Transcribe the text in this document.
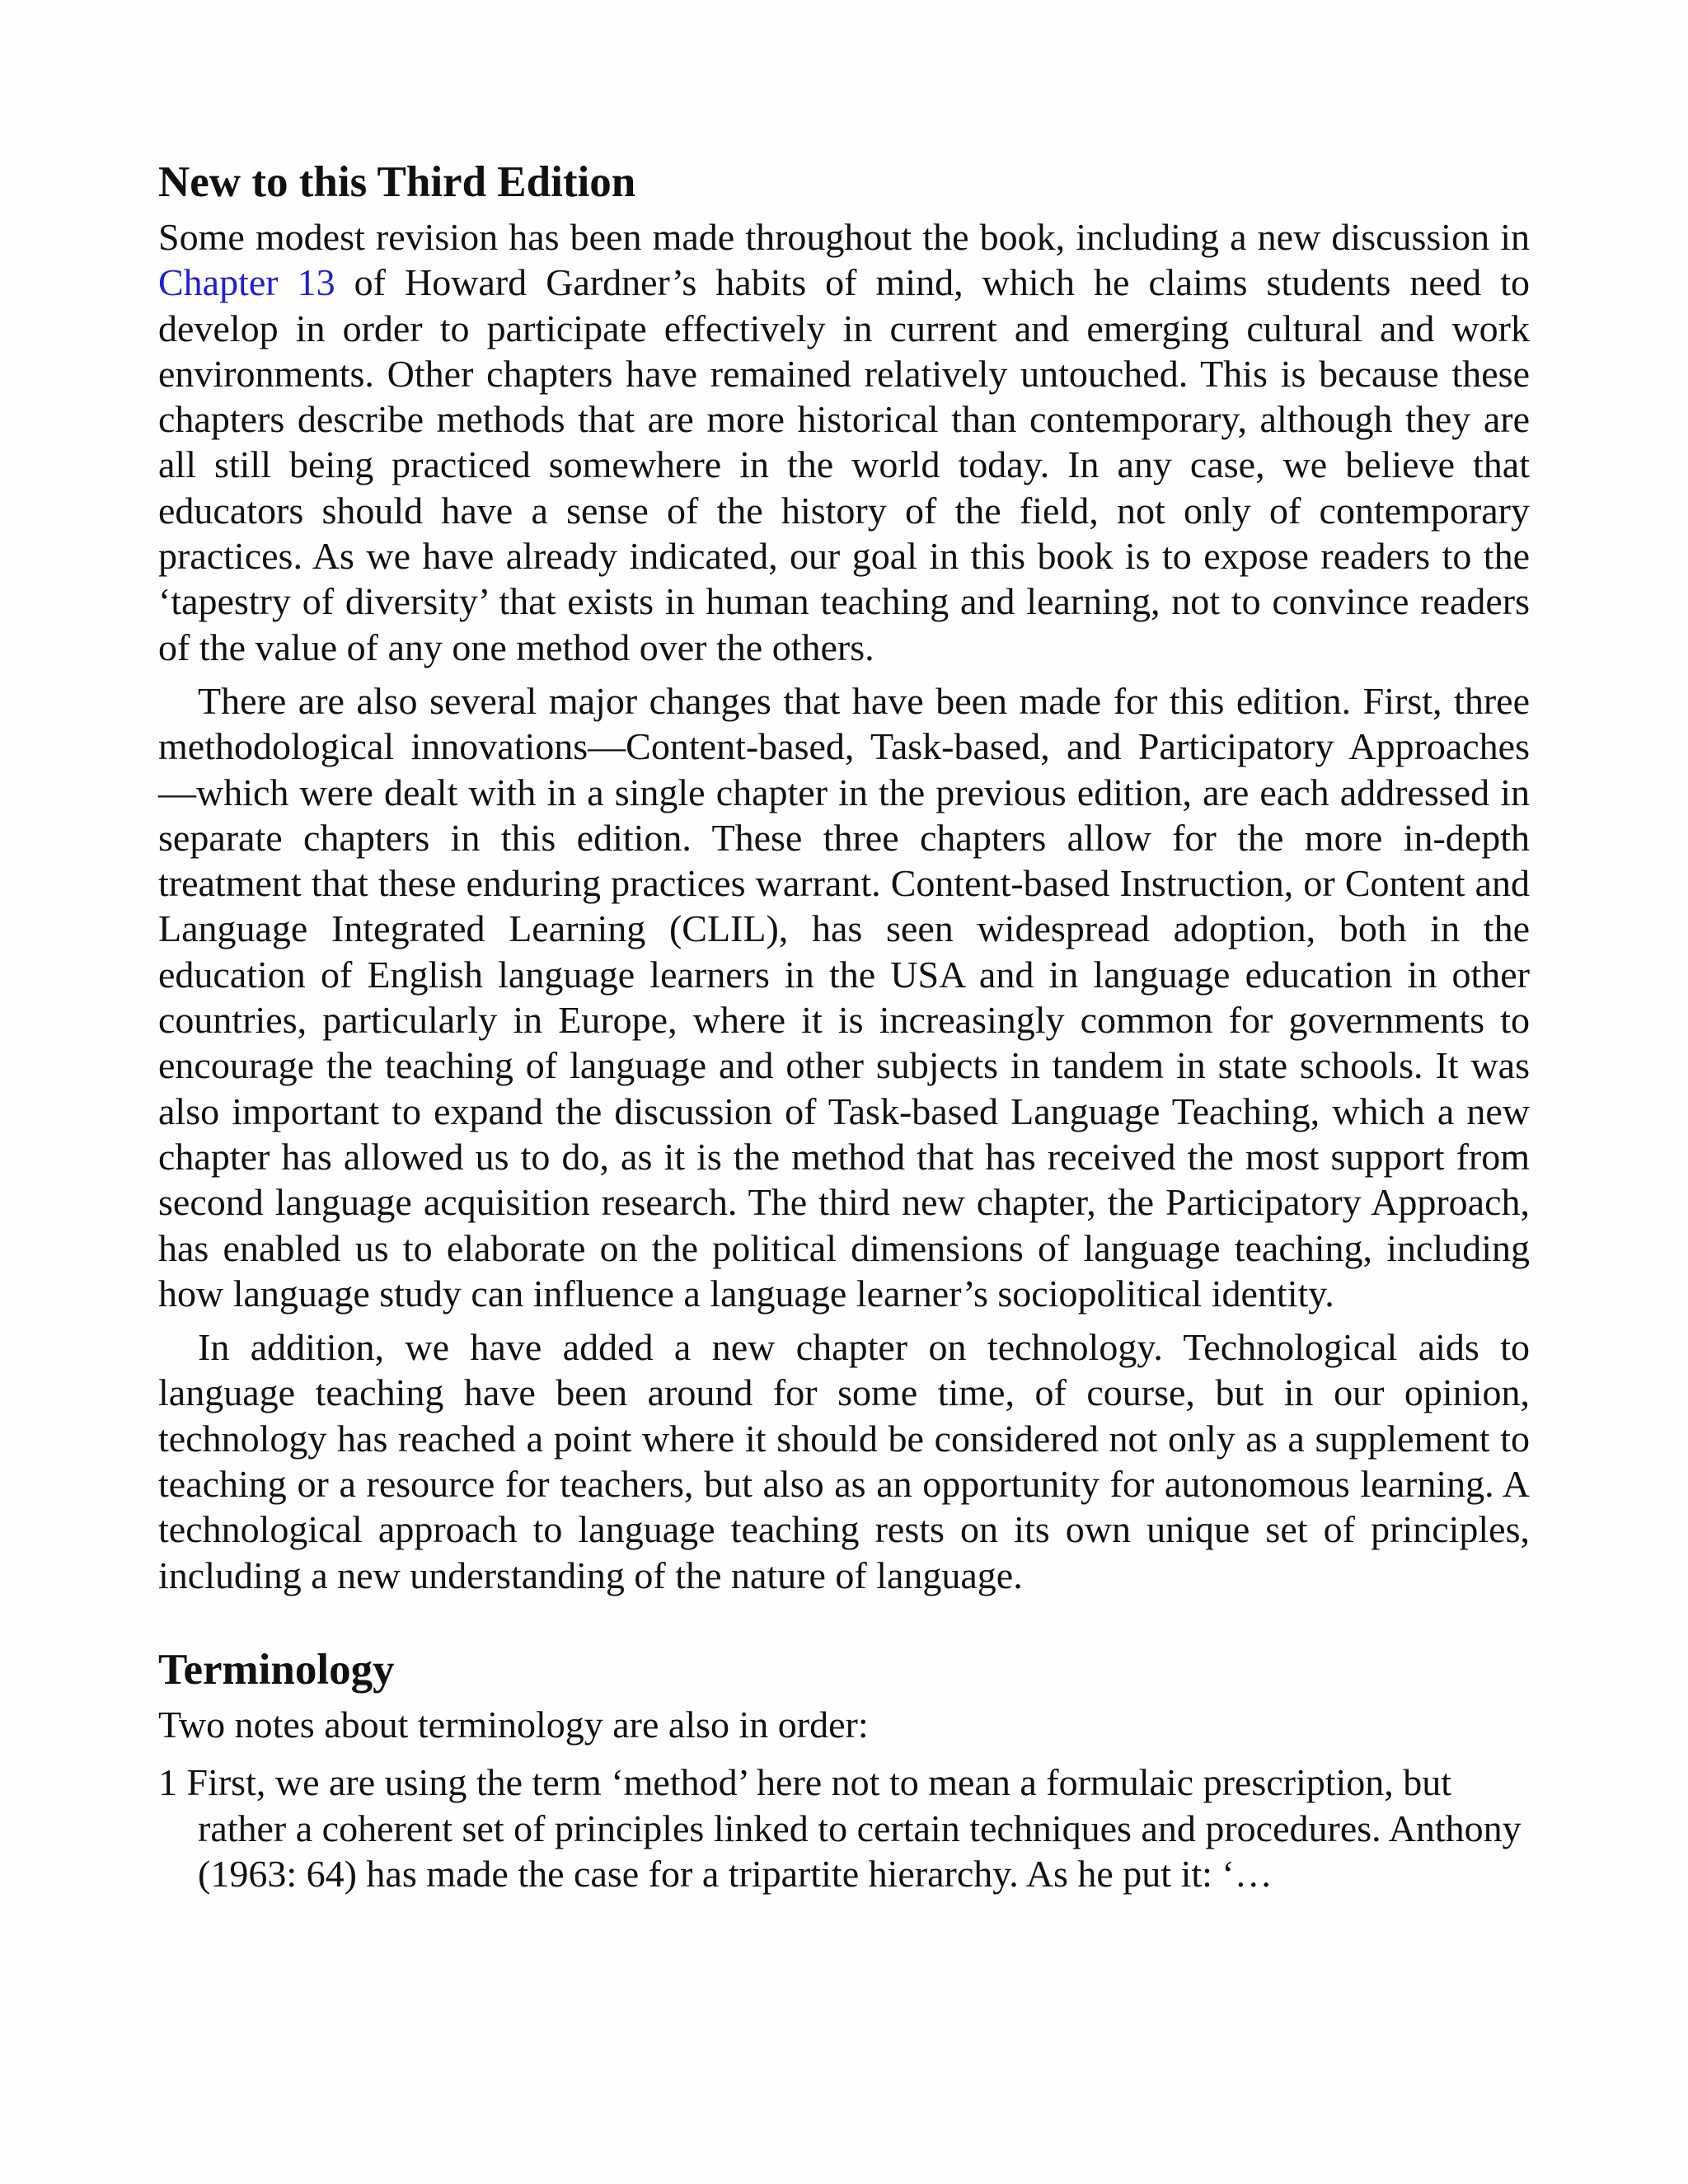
New to this Third Edition

Some modest revision has been made throughout the book, including a new discussion in Chapter 13 of Howard Gardner’s habits of mind, which he claims students need to develop in order to participate effectively in current and emerging cultural and work environments. Other chapters have remained relatively untouched. This is because these chapters describe methods that are more historical than contemporary, although they are all still being practiced somewhere in the world today. In any case, we believe that educators should have a sense of the history of the field, not only of contemporary practices. As we have already indicated, our goal in this book is to expose readers to the ‘tapestry of diversity’ that exists in human teaching and learning, not to convince readers of the value of any one method over the others.

There are also several major changes that have been made for this edition. First, three methodological innovations—Content-based, Task-based, and Participatory Approaches—which were dealt with in a single chapter in the previous edition, are each addressed in separate chapters in this edition. These three chapters allow for the more in-depth treatment that these enduring practices warrant. Content-based Instruction, or Content and Language Integrated Learning (CLIL), has seen widespread adoption, both in the education of English language learners in the USA and in language education in other countries, particularly in Europe, where it is increasingly common for governments to encourage the teaching of language and other subjects in tandem in state schools. It was also important to expand the discussion of Task-based Language Teaching, which a new chapter has allowed us to do, as it is the method that has received the most support from second language acquisition research. The third new chapter, the Participatory Approach, has enabled us to elaborate on the political dimensions of language teaching, including how language study can influence a language learner’s sociopolitical identity.

In addition, we have added a new chapter on technology. Technological aids to language teaching have been around for some time, of course, but in our opinion, technology has reached a point where it should be considered not only as a supplement to teaching or a resource for teachers, but also as an opportunity for autonomous learning. A technological approach to language teaching rests on its own unique set of principles, including a new understanding of the nature of language.

Terminology

Two notes about terminology are also in order:

1 First, we are using the term ‘method’ here not to mean a formulaic prescription, but rather a coherent set of principles linked to certain techniques and procedures. Anthony (1963: 64) has made the case for a tripartite hierarchy. As he put it: ‘…
